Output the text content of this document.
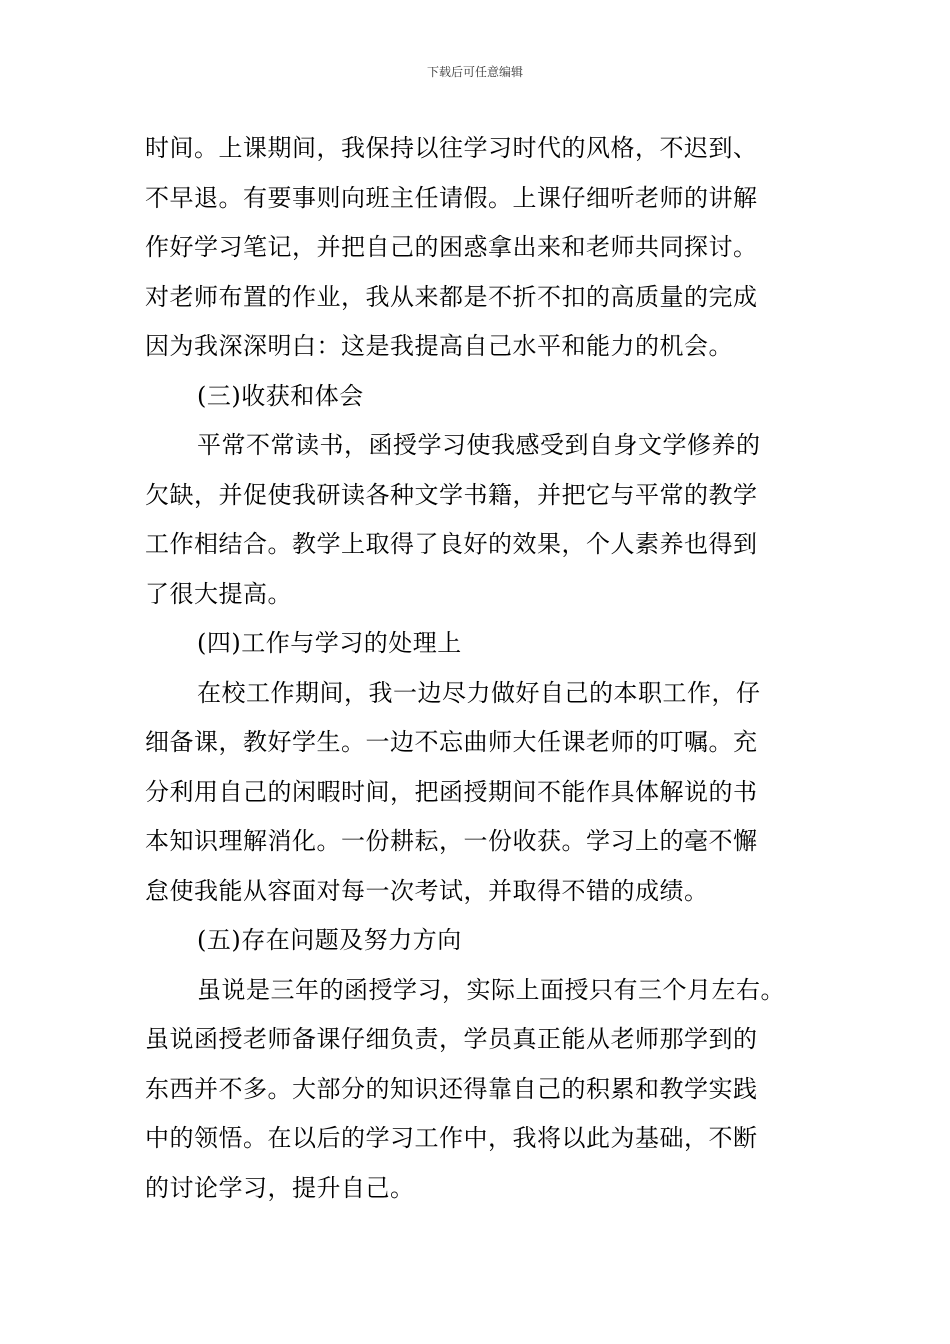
下载后可任意编辑
时间。上课期间，我保持以往学习时代的风格，不迟到、
不早退。有要事则向班主任请假。上课仔细听老师的讲解
作好学习笔记，并把自己的困惑拿出来和老师共同探讨。
对老师布置的作业，我从来都是不折不扣的高质量的完成
因为我深深明白：这是我提高自己水平和能力的机会。
(三)收获和体会
平常不常读书，函授学习使我感受到自身文学修养的
欠缺，并促使我研读各种文学书籍，并把它与平常的教学
工作相结合。教学上取得了良好的效果，个人素养也得到
了很大提高。
(四)工作与学习的处理上
在校工作期间，我一边尽力做好自己的本职工作，仔
细备课，教好学生。一边不忘曲师大任课老师的叮嘱。充
分利用自己的闲暇时间，把函授期间不能作具体解说的书
本知识理解消化。一份耕耘，一份收获。学习上的毫不懈
怠使我能从容面对每一次考试，并取得不错的成绩。
(五)存在问题及努力方向
虽说是三年的函授学习，实际上面授只有三个月左右。
虽说函授老师备课仔细负责，学员真正能从老师那学到的
东西并不多。大部分的知识还得靠自己的积累和教学实践
中的领悟。在以后的学习工作中，我将以此为基础，不断
的讨论学习，提升自己。
